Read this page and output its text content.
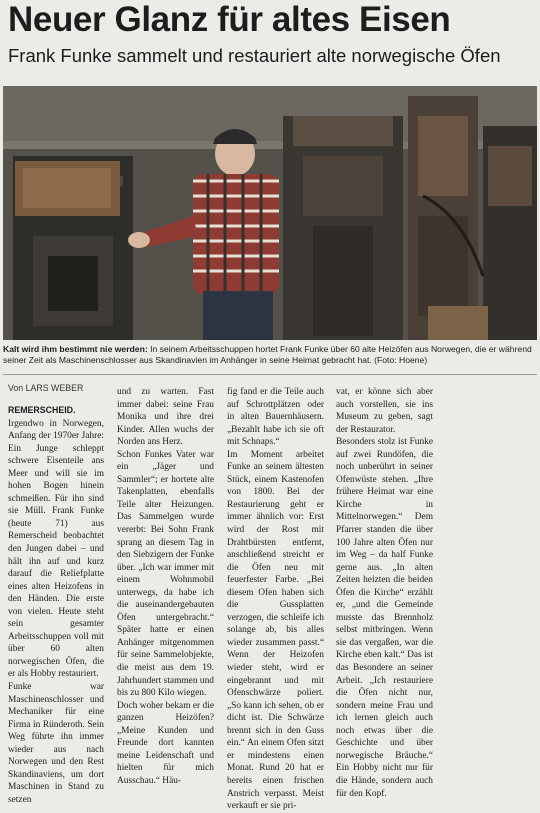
Neuer Glanz für altes Eisen
Frank Funke sammelt und restauriert alte norwegische Öfen
Kalt wird ihm bestimmt nie werden: In seinem Arbeitsschuppen hortet Frank Funke über 60 alte Heizöfen aus Norwegen, die er während seiner Zeit als Maschinenschlosser aus Skandinavien im Anhänger in seine Heimat gebracht hat. (Foto: Hoene)
Von LARS WEBER
REMERSCHEID. Irgendwo in Norwegen, Anfang der 1970er Jahre: Ein Junge schleppt schwere Eisenteile ans Meer und will sie im hohen Bogen hinein schmeißen. Für ihn sind sie Müll. Frank Funke (heute 71) aus Remerscheid beobachtet den Jungen dabei – und hält ihn auf und kurz darauf die Reliefplatte eines alten Heizofens in den Händen. Die erste von vielen. Heute steht sein gesamter Arbeitsschuppen voll mit über 60 alten norwegischen Öfen, die er als Hobby restauriert.
Funke war Maschinenschlosser und Mechaniker für eine Firma in Ründeroth. Sein Weg führte ihn immer wieder aus nach Norwegen und den Rest Skandinaviens, um dort Maschinen in Stand zu setzen
und zu warten. Fast immer dabei: seine Frau Monika und ihre drei Kinder. Allen wuchs der Norden ans Herz.
Schon Funkes Vater war ein „Jäger und Sammler“; er hortete alte Takenplatten, ebenfalls Teile alter Heizungen. Das Sammelgen wurde vererbt: Bei Sohn Frank sprang an diesem Tag in den Siebzigern der Funke über. „Ich war immer mit einem Wohnmobil unterwegs, da habe ich die auseinandergebauten Öfen untergebracht.“ Später hatte er einen Anhänger mitgenommen für seine Sammelobjekte, die meist aus dem 19. Jahrhundert stammen und bis zu 800 Kilo wiegen.
Doch woher bekam er die ganzen Heizöfen? „Meine Kunden und Freunde dort kannten meine Leidenschaft und hielten für mich Ausschau.“ Häu-
fig fand er die Teile auch auf Schrottplätzen oder in alten Bauernhäusern. „Bezahlt habe ich sie oft mit Schnaps.“
Im Moment arbeitet Funke an seinem ältesten Stück, einem Kastenofen von 1800. Bei der Restaurierung geht er immer ähnlich vor: Erst wird der Rost mit Drahtbürsten entfernt, anschließend streicht er die Öfen neu mit feuerfester Farbe. „Bei diesem Ofen haben sich die Gussplatten verzogen, die schleife ich solange ab, bis alles wieder zusammen passt.“ Wenn der Heizofen wieder steht, wird er eingebrannt und mit Ofenschwärze poliert. „So kann ich sehen, ob er dicht ist. Die Schwärze brennt sich in den Guss ein.“ An einem Ofen sitzt er mindestens einen Monat. Rund 20 hat er bereits einen frischen Anstrich verpasst. Meist verkauft er sie pri-
vat, er könne sich aber auch vorstellen, sie ins Museum zu geben, sagt der Restaurator.
Besonders stolz ist Funke auf zwei Rundöfen, die noch unberührt in seiner Ofenwüste stehen. „Ihre frühere Heimat war eine Kirche in Mittelnorwegen.“ Dem Pfarrer standen die über 100 Jahre alten Öfen nur im Weg – da half Funke gerne aus. „In alten Zeiten heizten die beiden Öfen die Kirche“ erzählt er, „und die Gemeinde musste das Brennholz selbst mitbringen. Wenn sie das vergaßen, war die Kirche eben kalt.“ Das ist das Besondere an seiner Arbeit. „Ich restauriere die Öfen nicht nur, sondern meine Frau und ich lernen gleich auch noch etwas über die Geschichte und über norwegische Bräuche.“ Ein Hobby nicht nur für die Hände, sondern auch für den Kopf.
